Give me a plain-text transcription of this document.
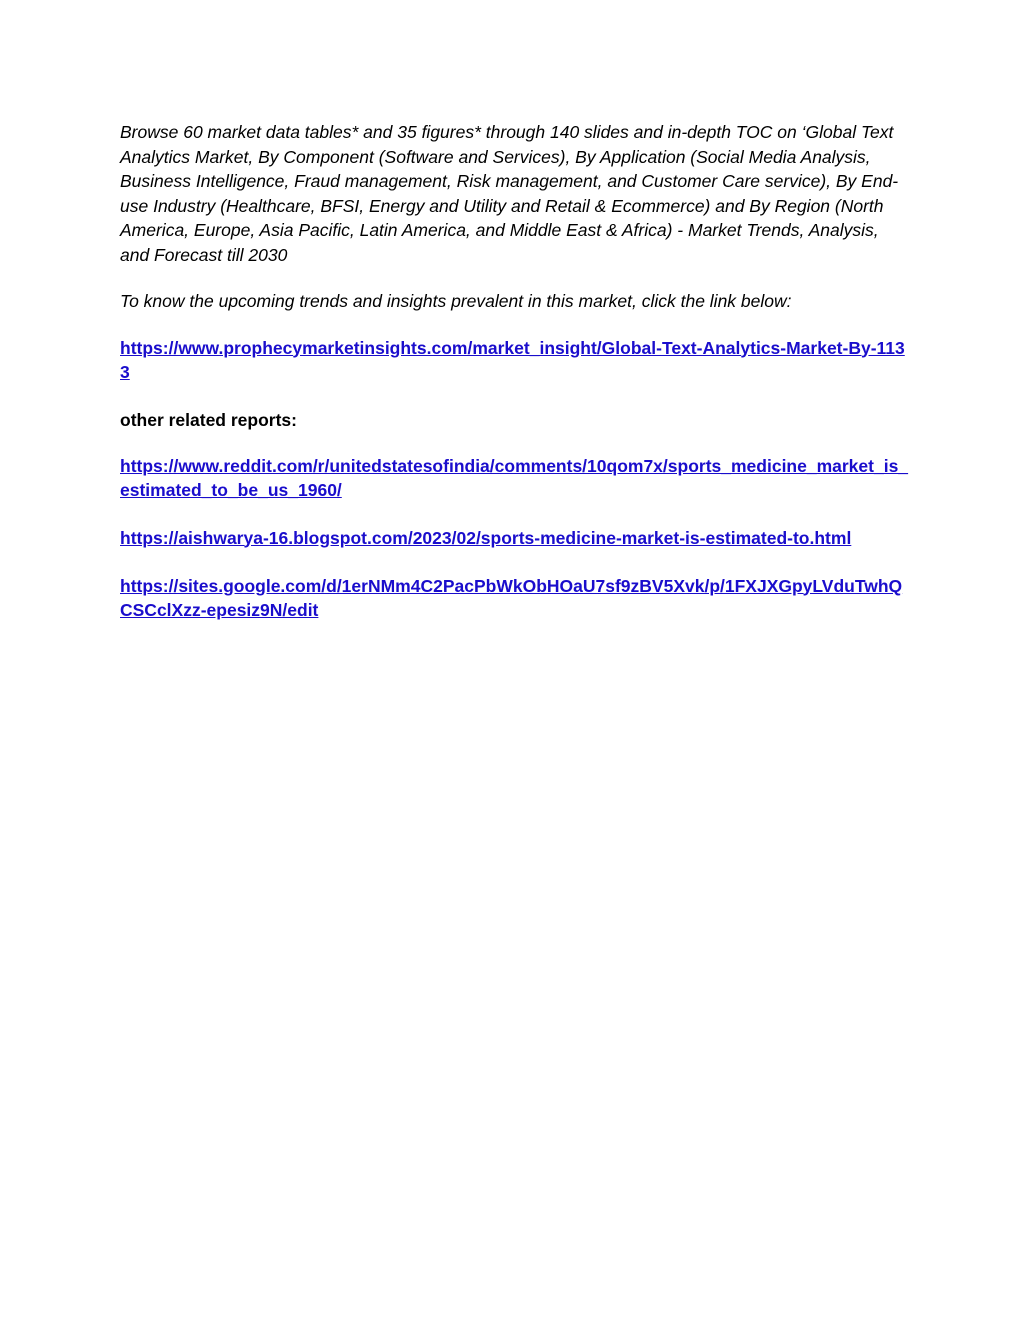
Browse 60 market data tables* and 35 figures* through 140 slides and in-depth TOC on ‘Global Text Analytics Market, By Component (Software and Services), By Application (Social Media Analysis, Business Intelligence, Fraud management, Risk management, and Customer Care service), By End-use Industry (Healthcare, BFSI, Energy and Utility and Retail & Ecommerce) and By Region (North America, Europe, Asia Pacific, Latin America, and Middle East & Africa) - Market Trends, Analysis, and Forecast till 2030

To know the upcoming trends and insights prevalent in this market, click the link below:

https://www.prophecymarketinsights.com/market_insight/Global-Text-Analytics-Market-By-1133

other related reports:

https://www.reddit.com/r/unitedstatesofindia/comments/10qom7x/sports_medicine_market_is_estimated_to_be_us_1960/
https://aishwarya-16.blogspot.com/2023/02/sports-medicine-market-is-estimated-to.html
https://sites.google.com/d/1erNMm4C2PacPbWkObHOaU7sf9zBV5Xvk/p/1FXJXGpyLVduTwhQCSCclXzz-epesiz9N/edit
